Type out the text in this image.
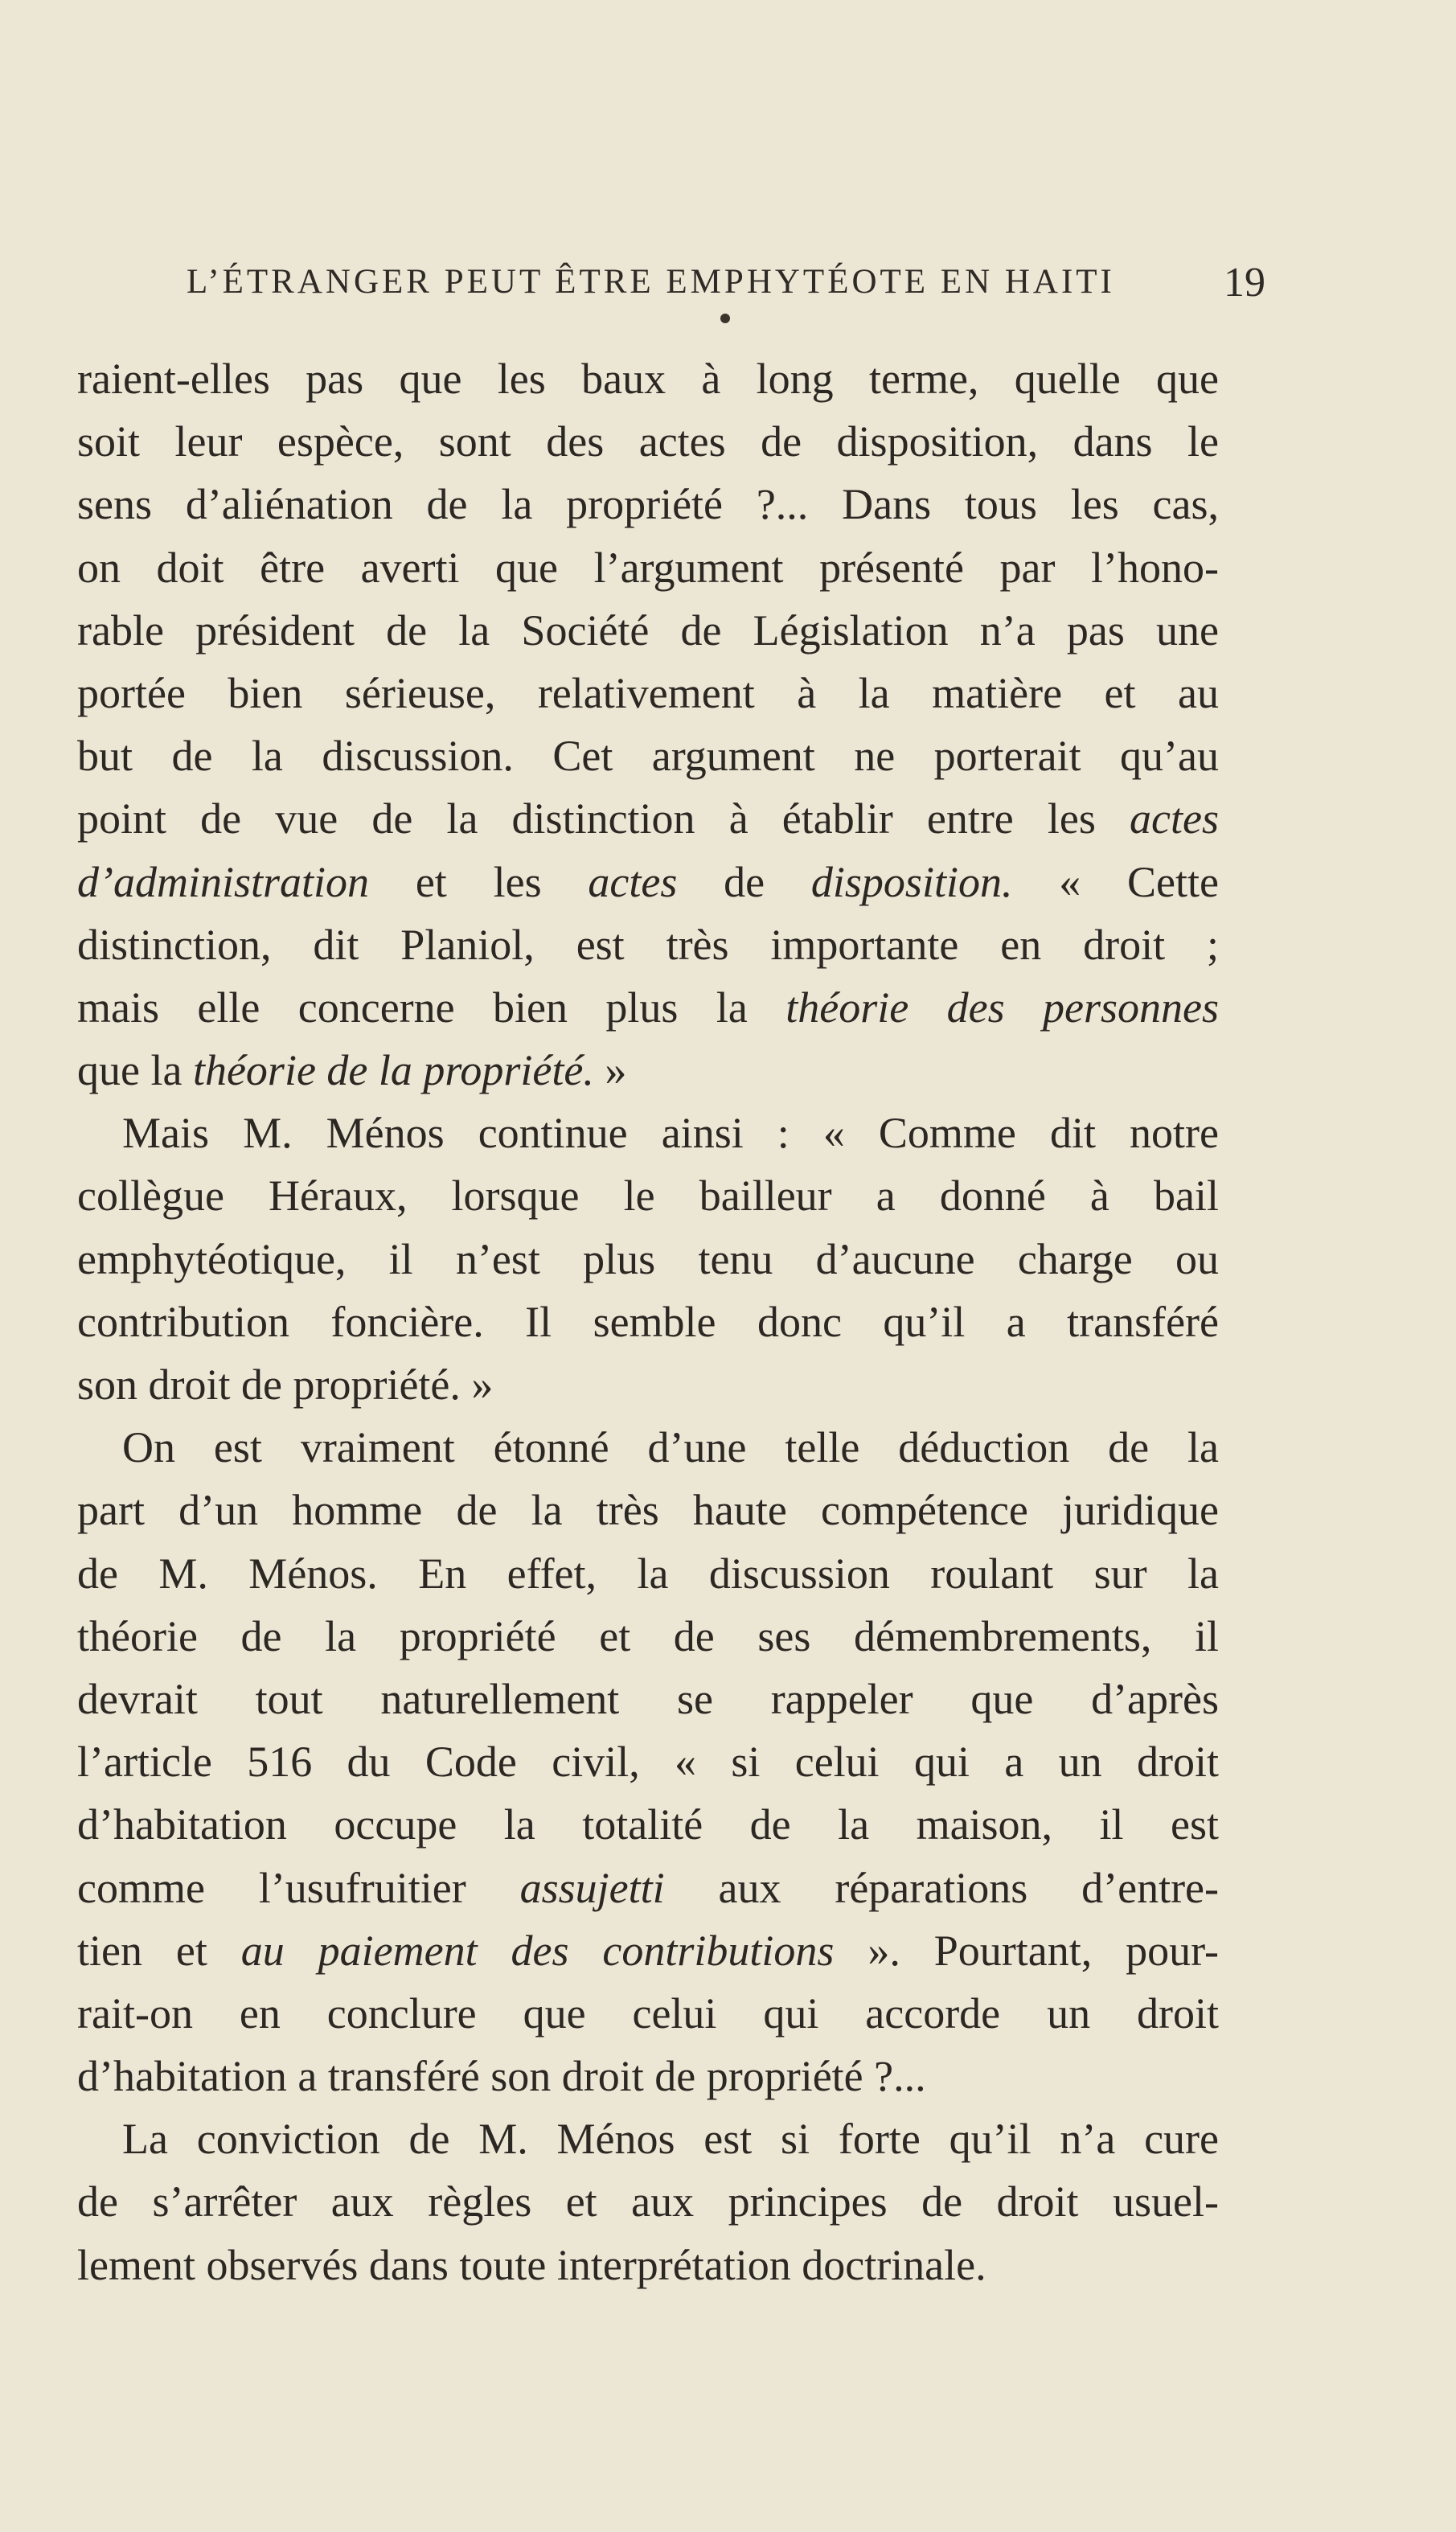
L’ÉTRANGER PEUT ÊTRE EMPHYTÉOTE EN HAITI	19
raient-elles pas que les baux à long terme, quelle que
soit leur espèce, sont des actes de disposition, dans le
sens d’aliénation de la propriété ?... Dans tous les cas,
on doit être averti que l’argument présenté par l’hono-
rable président de la Société de Législation n’a pas une
portée bien sérieuse, relativement à la matière et au
but de la discussion. Cet argument ne porterait qu’au
point de vue de la distinction à établir entre les actes
d’administration et les actes de disposition. « Cette
distinction, dit Planiol, est très importante en droit ;
mais elle concerne bien plus la théorie des personnes
que la théorie de la propriété. »
Mais M. Ménos continue ainsi : « Comme dit notre
collègue Héraux, lorsque le bailleur a donné à bail
emphytéotique, il n’est plus tenu d’aucune charge ou
contribution foncière. Il semble donc qu’il a transféré
son droit de propriété. »
On est vraiment étonné d’une telle déduction de la
part d’un homme de la très haute compétence juridique
de M. Ménos. En effet, la discussion roulant sur la
théorie de la propriété et de ses démembrements, il
devrait tout naturellement se rappeler que d’après
l’article 516 du Code civil, « si celui qui a un droit
d’habitation occupe la totalité de la maison, il est
comme l’usufruitier assujetti aux réparations d’entre-
tien et au paiement des contributions ». Pourtant, pour-
rait-on en conclure que celui qui accorde un droit
d’habitation a transféré son droit de propriété ?...
La conviction de M. Ménos est si forte qu’il n’a cure
de s’arrêter aux règles et aux principes de droit usuel-
lement observés dans toute interprétation doctrinale.
